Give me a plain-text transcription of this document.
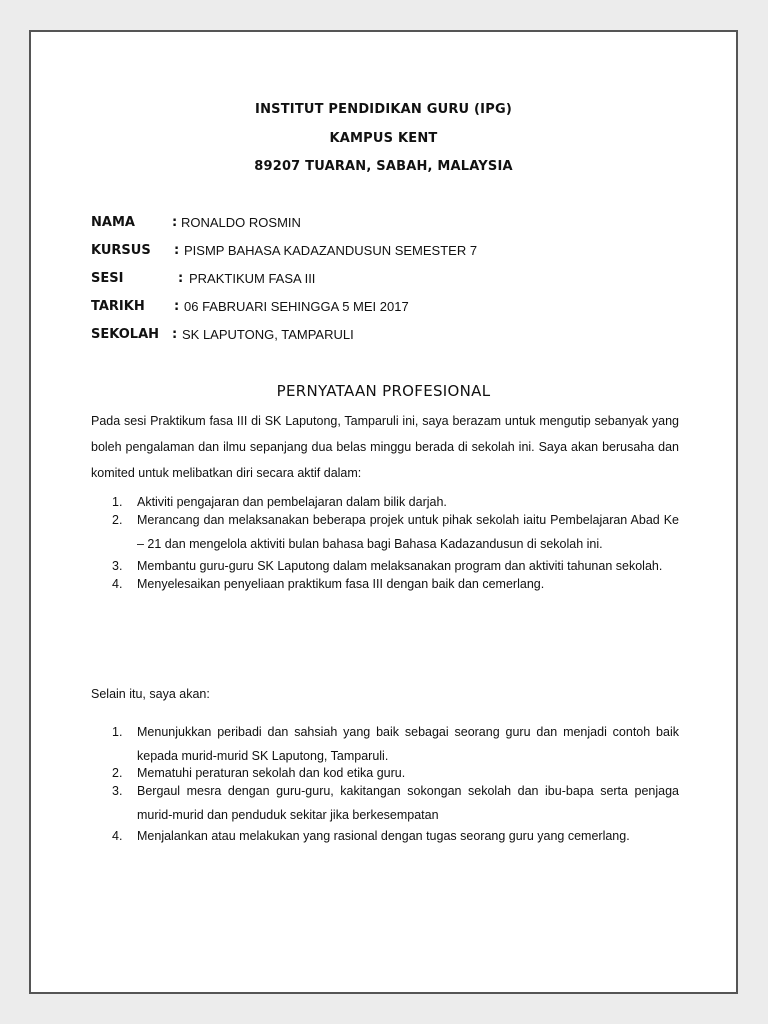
INSTITUT PENDIDIKAN GURU (IPG)
KAMPUS KENT
89207 TUARAN, SABAH, MALAYSIA
NAMA	: RONALDO ROSMIN
KURSUS : PISMP BAHASA KADAZANDUSUN SEMESTER 7
SESI	: PRAKTIKUM FASA III
TARIKH : 06 FABRUARI SEHINGGA 5 MEI 2017
SEKOLAH : SK LAPUTONG, TAMPARULI
PERNYATAAN PROFESIONAL
Pada sesi Praktikum fasa III di SK Laputong, Tamparuli ini, saya berazam untuk mengutip sebanyak yang boleh pengalaman dan ilmu sepanjang dua belas minggu berada di sekolah ini. Saya akan berusaha dan komited untuk melibatkan diri secara aktif dalam:
1. Aktiviti pengajaran dan pembelajaran dalam bilik darjah.
2. Merancang dan melaksanakan beberapa projek untuk pihak sekolah iaitu Pembelajaran Abad Ke – 21 dan mengelola aktiviti bulan bahasa bagi Bahasa Kadazandusun di sekolah ini.
3. Membantu guru-guru SK Laputong dalam melaksanakan program dan aktiviti tahunan sekolah.
4. Menyelesaikan penyeliaan praktikum fasa III dengan baik dan cemerlang.
Selain itu, saya akan:
1. Menunjukkan peribadi dan sahsiah yang baik sebagai seorang guru dan menjadi contoh baik kepada murid-murid SK Laputong, Tamparuli.
2. Mematuhi peraturan sekolah dan kod etika guru.
3. Bergaul mesra dengan guru-guru, kakitangan sokongan sekolah dan ibu-bapa serta penjaga murid-murid dan penduduk sekitar jika berkesempatan
4. Menjalankan atau melakukan yang rasional dengan tugas seorang guru yang cemerlang.
